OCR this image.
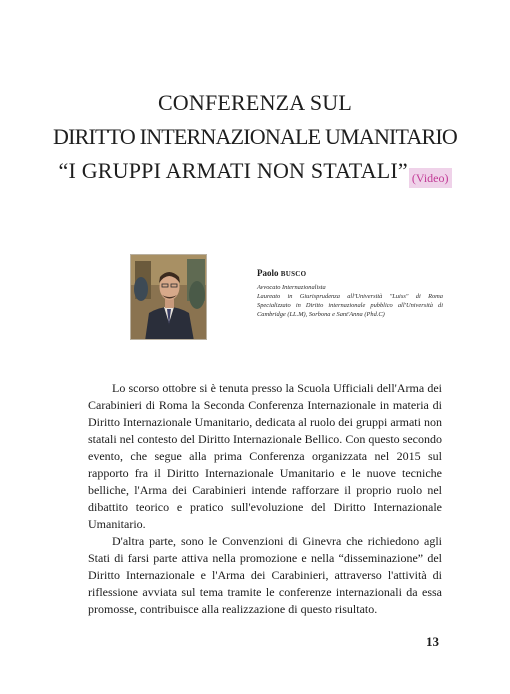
CONFERENZA SUL
DIRITTO INTERNAZIONALE UMANITARIO
“I GRUPPI ARMATI NON STATALI” (Video)
Paolo BUSCO
Avvocato Internazionalista
Laureato in Giurisprudenza all'Università "Luiss" di Roma Specializzato in Diritto internazionale pubblico all'Università di Cambridge (LL.M), Sorbona e Sant'Anna (Phd.C)

Lo scorso ottobre si è tenuta presso la Scuola Ufficiali dell'Arma dei Carabinieri di Roma la Seconda Conferenza Internazionale in materia di Diritto Internazionale Umanitario, dedicata al ruolo dei gruppi armati non statali nel contesto del Diritto Internazionale Bellico. Con questo secondo evento, che segue alla prima Conferenza organizzata nel 2015 sul rapporto fra il Diritto Internazionale Umanitario e le nuove tecniche belliche, l'Arma dei Carabinieri intende rafforzare il proprio ruolo nel dibattito teorico e pratico sull'evoluzione del Diritto Internazionale Umanitario.

D'altra parte, sono le Convenzioni di Ginevra che richiedono agli Stati di farsi parte attiva nella promozione e nella “disseminazione” del Diritto Internazionale e l'Arma dei Carabinieri, attraverso l'attività di riflessione avviata sul tema tramite le conferenze internazionali da essa promosse, contribuisce alla realizzazione di questo risultato.

13
